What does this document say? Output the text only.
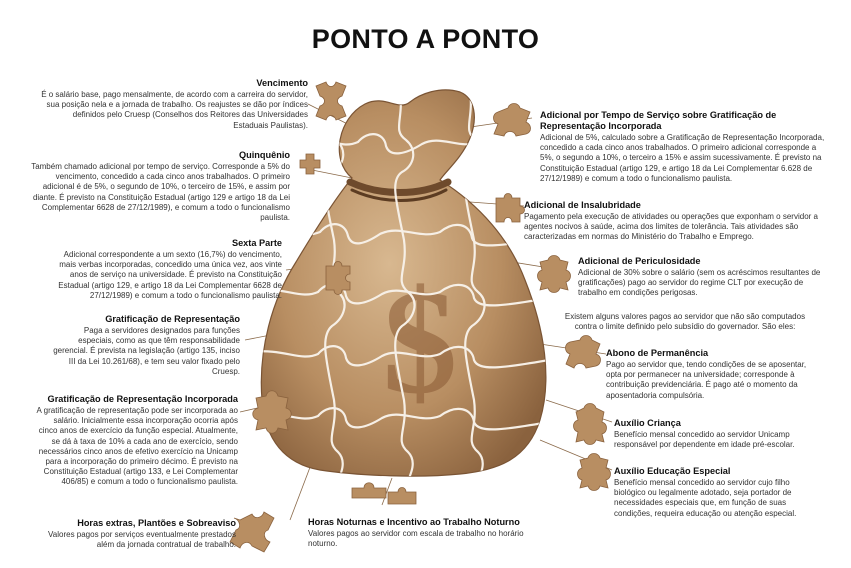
PONTO A PONTO
$
Vencimento
É o salário base, pago mensalmente, de acordo com a carreira do servidor, sua posição nela e a jornada de trabalho. Os reajustes se dão por índices definidos pelo Cruesp (Conselhos dos Reitores das Universidades Estaduais Paulistas).
Quinquênio
Também chamado adicional por tempo de serviço. Corresponde a 5% do vencimento, concedido a cada cinco anos trabalhados. O primeiro adicional é de 5%, o segundo de 10%, o terceiro de 15%, e assim por diante. É previsto na Constituição Estadual (artigo 129 e artigo 18 da Lei Complementar 6628 de 27/12/1989), e comum a todo o funcionalismo paulista.
Sexta Parte
Adicional correspondente a um sexto (16,7%) do vencimento, mais verbas incorporadas, concedido uma única vez, aos vinte anos de serviço na universidade. É previsto na Constituição Estadual (artigo 129, e artigo 18 da Lei Complementar 6628 de 27/12/1989) e comum a todo o funcionalismo paulista.
Gratificação de Representação
Paga a servidores designados para funções especiais, como as que têm responsabilidade gerencial. É prevista na legislação (artigo 135, inciso III da Lei 10.261/68), e tem seu valor fixado pelo Cruesp.
Gratificação de Representação Incorporada
A gratificação de representação pode ser incorporada ao salário. Inicialmente essa incorporação ocorria após cinco anos de exercício da função especial. Atualmente, se dá à taxa de 10% a cada ano de exercício, sendo necessários cinco anos de efetivo exercício na Unicamp para a incorporação do primeiro décimo. É previsto na Constituição Estadual (artigo 133, e Lei Complementar 406/85) e comum a todo o funcionalismo paulista.
Horas extras, Plantões e Sobreaviso
Valores pagos por serviços eventualmente prestados além da jornada contratual de trabalho.
Horas Noturnas e Incentivo ao Trabalho Noturno
Valores pagos ao servidor com escala de trabalho no horário noturno.
Adicional por Tempo de Serviço sobre Gratificação de Representação Incorporada
Adicional de 5%, calculado sobre a Gratificação de Representação Incorporada, concedido a cada cinco anos trabalhados. O primeiro adicional corresponde a 5%, o segundo a 10%, o terceiro a 15% e assim sucessivamente. É previsto na Constituição Estadual (artigo 129, e artigo 18 da Lei Complementar 6.628 de 27/12/1989) e comum a todo o funcionalismo paulista.
Adicional de Insalubridade
Pagamento pela execução de atividades ou operações que exponham o servidor a agentes nocivos à saúde, acima dos limites de tolerância. Tais atividades são caracterizadas em normas do Ministério do Trabalho e Emprego.
Adicional de Periculosidade
Adicional de 30% sobre o salário (sem os acréscimos resultantes de gratificações) pago ao servidor do regime CLT por execução de trabalho em condições perigosas.
Existem alguns valores pagos ao servidor que não são computados contra o limite definido pelo subsídio do governador. São eles:
Abono de Permanência
Pago ao servidor que, tendo condições de se aposentar, opta por permanecer na universidade; corresponde à contribuição previdenciária. É pago até o momento da aposentadoria compulsória.
Auxílio Criança
Benefício mensal concedido ao servidor Unicamp responsável por dependente em idade pré-escolar.
Auxílio Educação Especial
Benefício mensal concedido ao servidor cujo filho biológico ou legalmente adotado, seja portador de necessidades especiais que, em função de suas condições, requeira educação ou atenção especial.
